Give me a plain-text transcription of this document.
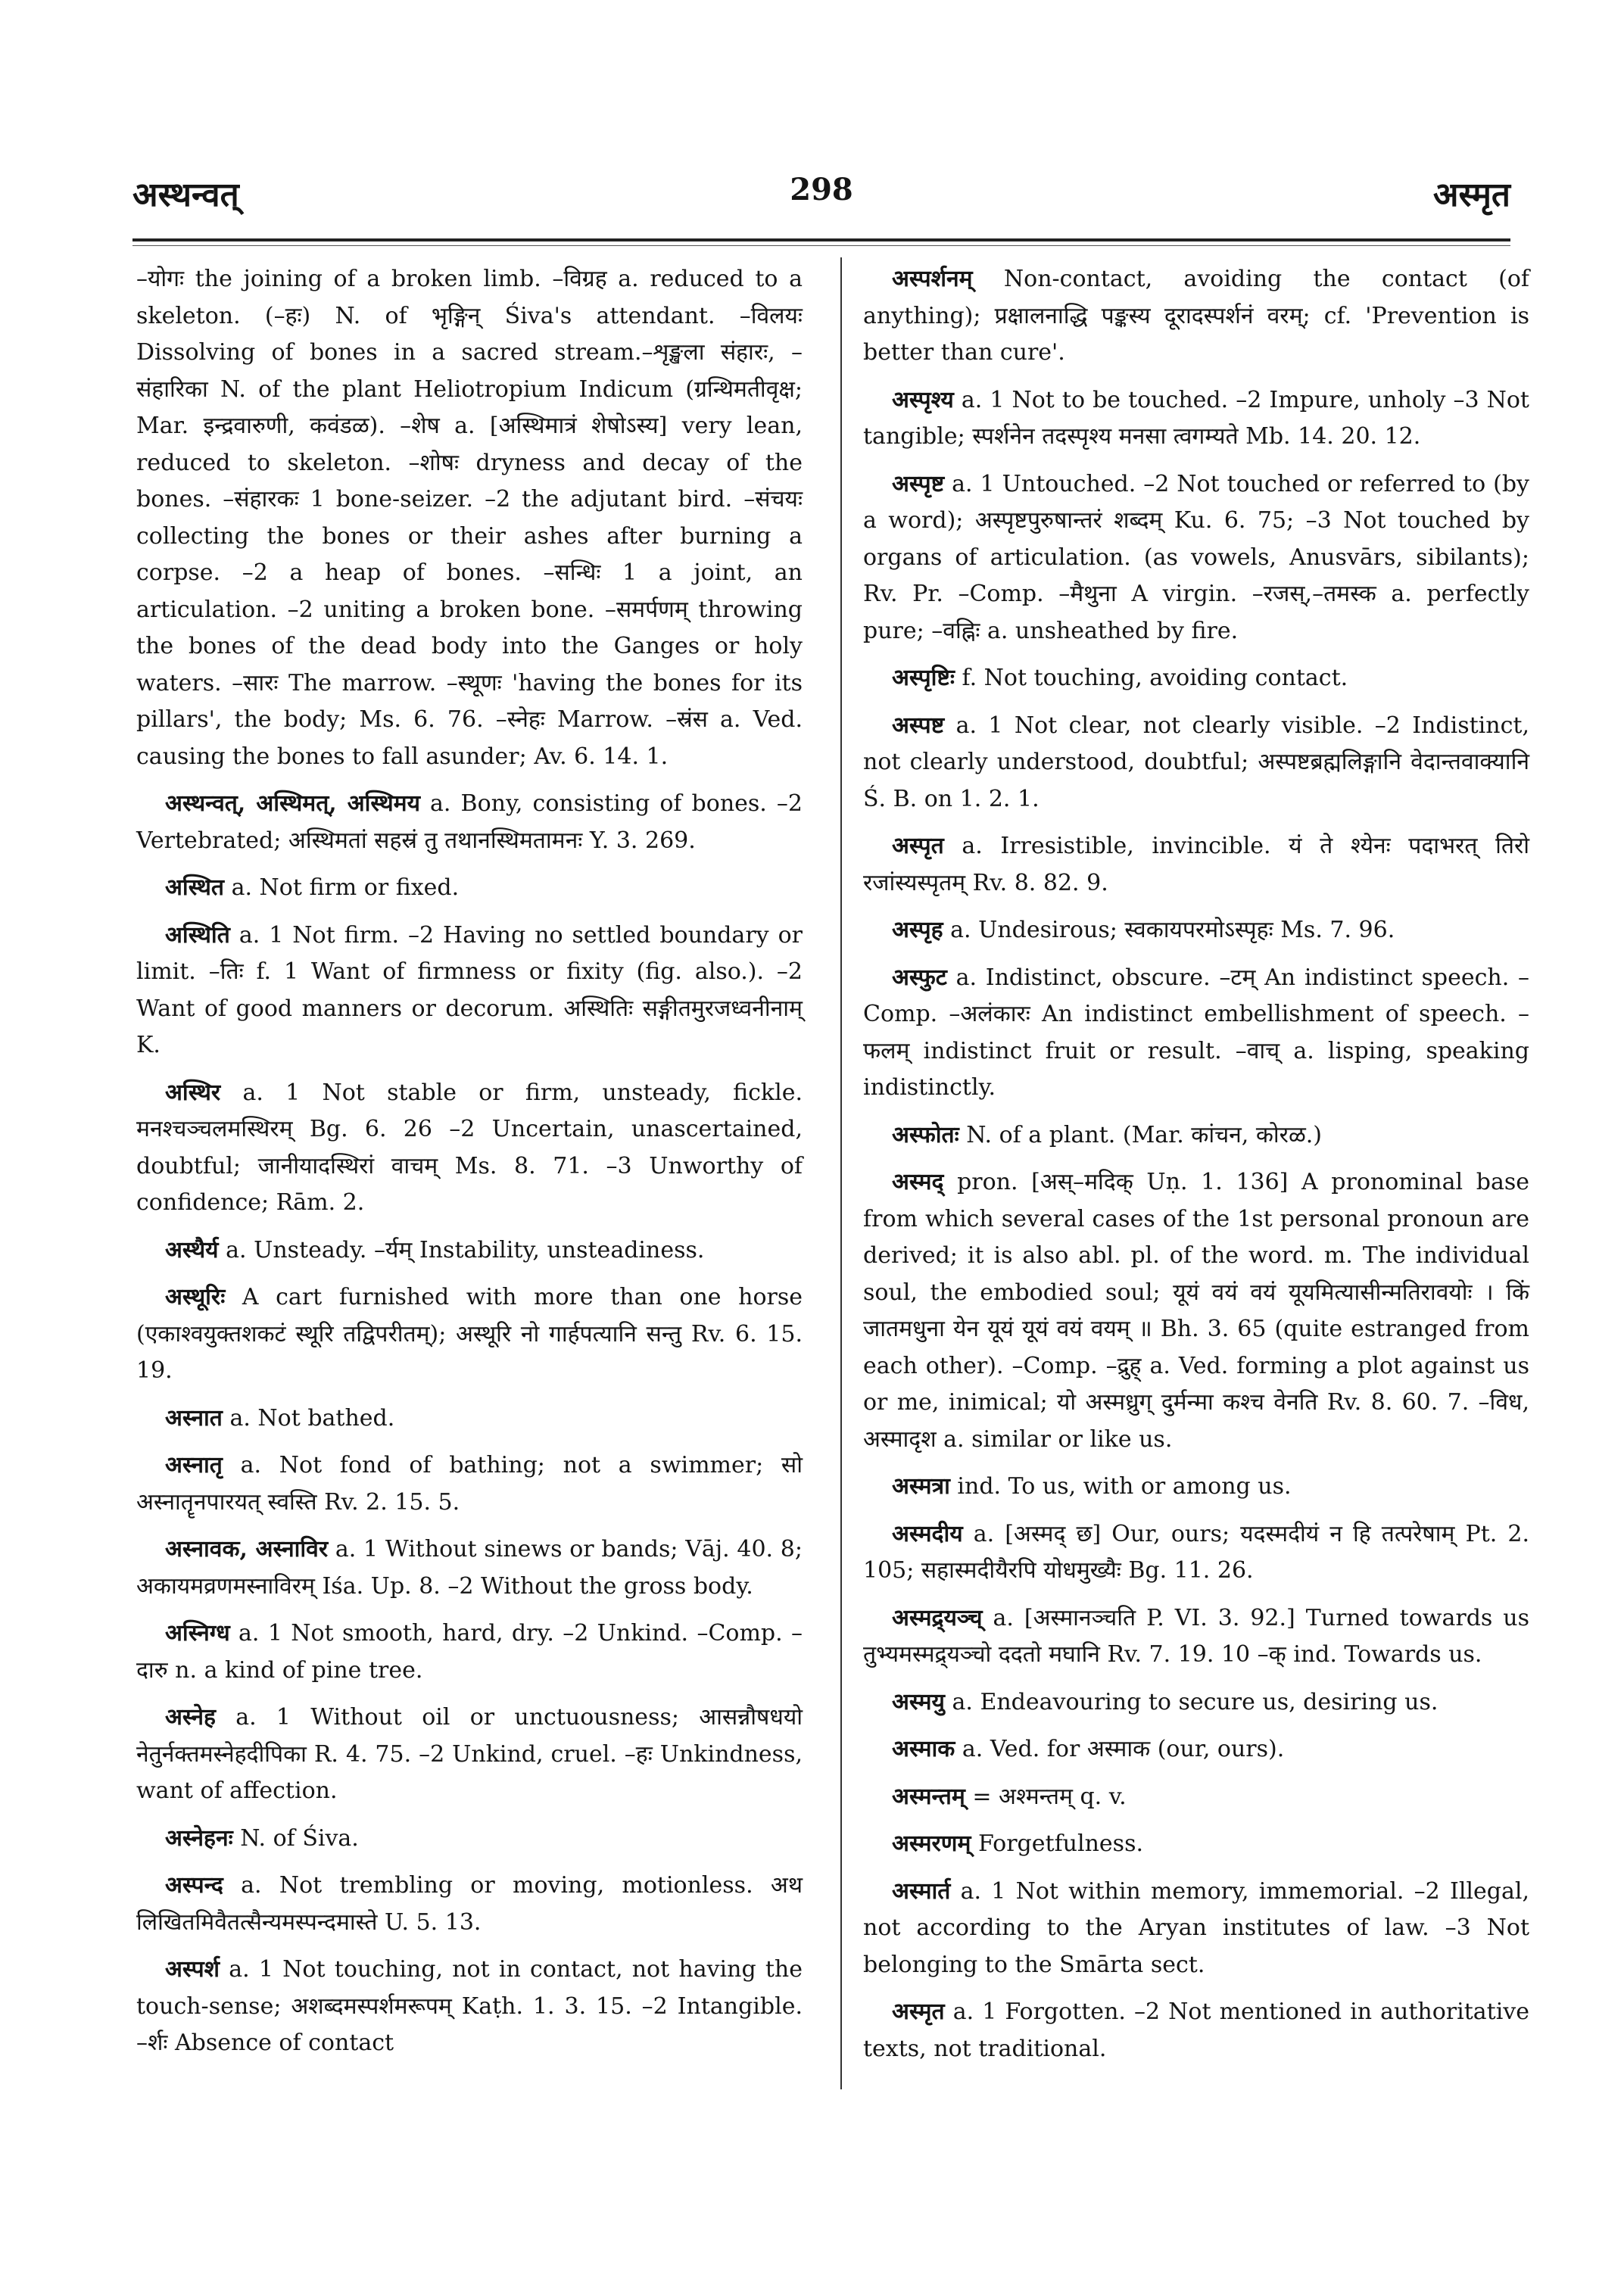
अस्थन्वत्	298	अस्मृत

–योगः the joining of a broken limb. –विग्रह a. reduced to a skeleton. (–हः) N. of भृङ्गिन् Śiva's attendant. –विलयः Dissolving of bones in a sacred stream.–शृङ्खला संहारः, –संहारिका N. of the plant Heliotropium Indicum (ग्रन्थिमतीवृक्ष; Mar. इन्द्रवारुणी, कवंडळ). –शेष a. [अस्थिमात्रं शेषोऽस्य] very lean, reduced to skeleton. –शोषः dryness and decay of the bones. –संहारकः 1 bone-seizer. –2 the adjutant bird. –संचयः collecting the bones or their ashes after burning a corpse. –2 a heap of bones. –सन्धिः 1 a joint, an articulation. –2 uniting a broken bone. –समर्पणम् throwing the bones of the dead body into the Ganges or holy waters. –सारः The marrow. –स्थूणः 'having the bones for its pillars', the body; Ms. 6. 76. –स्नेहः Marrow. –स्रंस a. Ved. causing the bones to fall asunder; Av. 6. 14. 1.

अस्थन्वत्, अस्थिमत्, अस्थिमय a. Bony, consisting of bones. –2 Vertebrated; अस्थिमतां सहस्रं तु तथानस्थिमतामनः Y. 3. 269.

अस्थित a. Not firm or fixed.

अस्थिति a. 1 Not firm. –2 Having no settled boundary or limit. –तिः f. 1 Want of firmness or fixity (fig. also.). –2 Want of good manners or decorum. अस्थितिः सङ्गीतमुरजध्वनीनाम् K.

अस्थिर a. 1 Not stable or firm, unsteady, fickle. मनश्चञ्चलमस्थिरम् Bg. 6. 26 –2 Uncertain, unascertained, doubtful; जानीयादस्थिरां वाचम् Ms. 8. 71. –3 Unworthy of confidence; Rām. 2.

अस्थैर्य a. Unsteady. –र्यम् Instability, unsteadiness.

अस्थूरिः A cart furnished with more than one horse (एकाश्वयुक्तशकटं स्थूरि तद्विपरीतम्); अस्थूरि नो गार्हपत्यानि सन्तु Rv. 6. 15. 19.

अस्नात a. Not bathed.

अस्नातृ a. Not fond of bathing; not a swimmer; सो अस्नातॄनपारयत् स्वस्ति Rv. 2. 15. 5.

अस्नावक, अस्नाविर a. 1 Without sinews or bands; Vāj. 40. 8; अकायमव्रणमस्नाविरम् Iśa. Up. 8. –2 Without the gross body.

अस्निग्ध a. 1 Not smooth, hard, dry. –2 Unkind. –Comp. –दारु n. a kind of pine tree.

अस्नेह a. 1 Without oil or unctuousness; आसन्नौषधयो नेतुर्नक्तमस्नेहदीपिका R. 4. 75. –2 Unkind, cruel. –हः Unkindness, want of affection.

अस्नेहनः N. of Śiva.

अस्पन्द a. Not trembling or moving, motionless. अथ लिखितमिवैतत्सैन्यमस्पन्दमास्ते U. 5. 13.

अस्पर्श a. 1 Not touching, not in contact, not having the touch-sense; अशब्दमस्पर्शमरूपम् Kaṭh. 1. 3. 15. –2 Intangible. –र्शः Absence of contact

अस्पर्शनम् Non-contact, avoiding the contact (of anything); प्रक्षालनाद्धि पङ्कस्य दूरादस्पर्शनं वरम्; cf. 'Prevention is better than cure'.

अस्पृश्य a. 1 Not to be touched. –2 Impure, unholy –3 Not tangible; स्पर्शनेन तदस्पृश्य मनसा त्वगम्यते Mb. 14. 20. 12.

अस्पृष्ट a. 1 Untouched. –2 Not touched or referred to (by a word); अस्पृष्टपुरुषान्तरं शब्दम् Ku. 6. 75; –3 Not touched by organs of articulation. (as vowels, Anusvārs, sibilants); Rv. Pr. –Comp. –मैथुना A virgin. –रजस्,–तमस्क a. perfectly pure; –वह्निः a. unsheathed by fire.

अस्पृष्टिः f. Not touching, avoiding contact.

अस्पष्ट a. 1 Not clear, not clearly visible. –2 Indistinct, not clearly understood, doubtful; अस्पष्टब्रह्मलिङ्गानि वेदान्तवाक्यानि Ś. B. on 1. 2. 1.

अस्पृत a. Irresistible, invincible. यं ते श्येनः पदाभरत् तिरो रजांस्यस्पृतम् Rv. 8. 82. 9.

अस्पृह a. Undesirous; स्वकायपरमोऽस्पृहः Ms. 7. 96.

अस्फुट a. Indistinct, obscure. –टम् An indistinct speech. –Comp. –अलंकारः An indistinct embellishment of speech. –फलम् indistinct fruit or result. –वाच् a. lisping, speaking indistinctly.

अस्फोतः N. of a plant. (Mar. कांचन, कोरळ.)

अस्मद् pron. [अस्–मदिक् Uṇ. 1. 136] A pronominal base from which several cases of the 1st personal pronoun are derived; it is also abl. pl. of the word. m. The individual soul, the embodied soul; यूयं वयं वयं यूयमित्यासीन्मतिरावयोः । किं जातमधुना येन यूयं यूयं वयं वयम् ॥ Bh. 3. 65 (quite estranged from each other). –Comp. –द्रुह् a. Ved. forming a plot against us or me, inimical; यो अस्मध्रुग् दुर्मन्मा कश्च वेनति Rv. 8. 60. 7. –विध, अस्मादृश a. similar or like us.

अस्मत्रा ind. To us, with or among us.

अस्मदीय a. [अस्मद् छ] Our, ours; यदस्मदीयं न हि तत्परेषाम् Pt. 2. 105; सहास्मदीयैरपि योधमुख्यैः Bg. 11. 26.

अस्मद्र्यञ्च् a. [अस्मानञ्चति P. VI. 3. 92.] Turned towards us तुभ्यमस्मद्र्यञ्चो ददतो मघानि Rv. 7. 19. 10 –क् ind. Towards us.

अस्मयु a. Endeavouring to secure us, desiring us.

अस्माक a. Ved. for अस्माक (our, ours).

अस्मन्तम् = अश्मन्तम् q. v.

अस्मरणम् Forgetfulness.

अस्मार्त a. 1 Not within memory, immemorial. –2 Illegal, not according to the Aryan institutes of law. –3 Not belonging to the Smārta sect.

अस्मृत a. 1 Forgotten. –2 Not mentioned in authoritative texts, not traditional.
